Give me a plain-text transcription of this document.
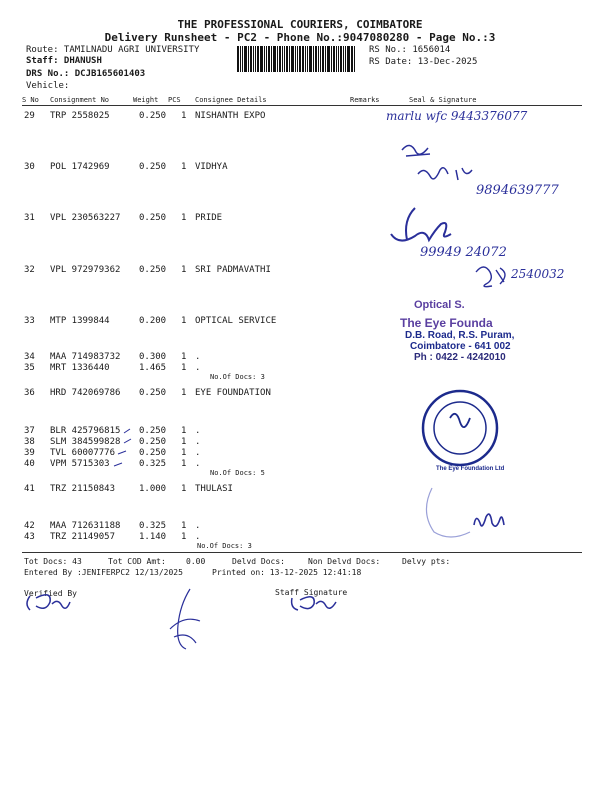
THE PROFESSIONAL COURIERS, COIMBATORE
Delivery Runsheet - PC2 - Phone No.:9047080280 - Page No.:3
Route: TAMILNADU AGRI UNIVERSITY
Staff: DHANUSH
DRS No.: DCJB165601403
Vehicle:
RS No.: 1656014
RS Date: 13-Dec-2025
S No Consignment No	Weight PCS Consignee Details	Remarks	Seal & Signature
29 TRP 2558025	0.250 1 NISHANTH EXPO
30 POL 1742969	0.250 1 VIDHYA
31 VPL 230563227 0.250 1 PRIDE
32 VPL 972979362 0.250 1 SRI PADMAVATHI
33 MTP 1399844	0.200 1 OPTICAL SERVICE
34 MAA 714983732 0.300 1 .
35 MRT 1336440	1.465 1 .
No.Of Docs: 3
36 HRD 742069786 0.250 1 EYE FOUNDATION
37 BLR 425796815 0.250 1 .
38 SLM 384599828 0.250 1 .
39 TVL 60007776	0.250 1 .
40 VPM 5715303	0.325 1 .
No.Of Docs: 5
41 TRZ 21150843	1.000 1 THULASI
42 MAA 712631188 0.325 1 .
43 TRZ 21149057	1.140 1 .
No.Of Docs: 3
Tot Docs: 43	Tot COD Amt:	0.00	Delvd Docs:	Non Delvd Docs:	Delvy pts:
Entered By :JENIFERPC2 12/13/2025	Printed on: 13-12-2025 12:41:18
Verified By	Staff Signature
marlu wfc 9443376077
9894639777
99949 24072
2540032
Optical S.
The Eye Founda
D.B. Road, R.S. Puram,
Coimbatore - 641 002
Ph : 0422 - 4242010
The Eye Foundation Ltd
